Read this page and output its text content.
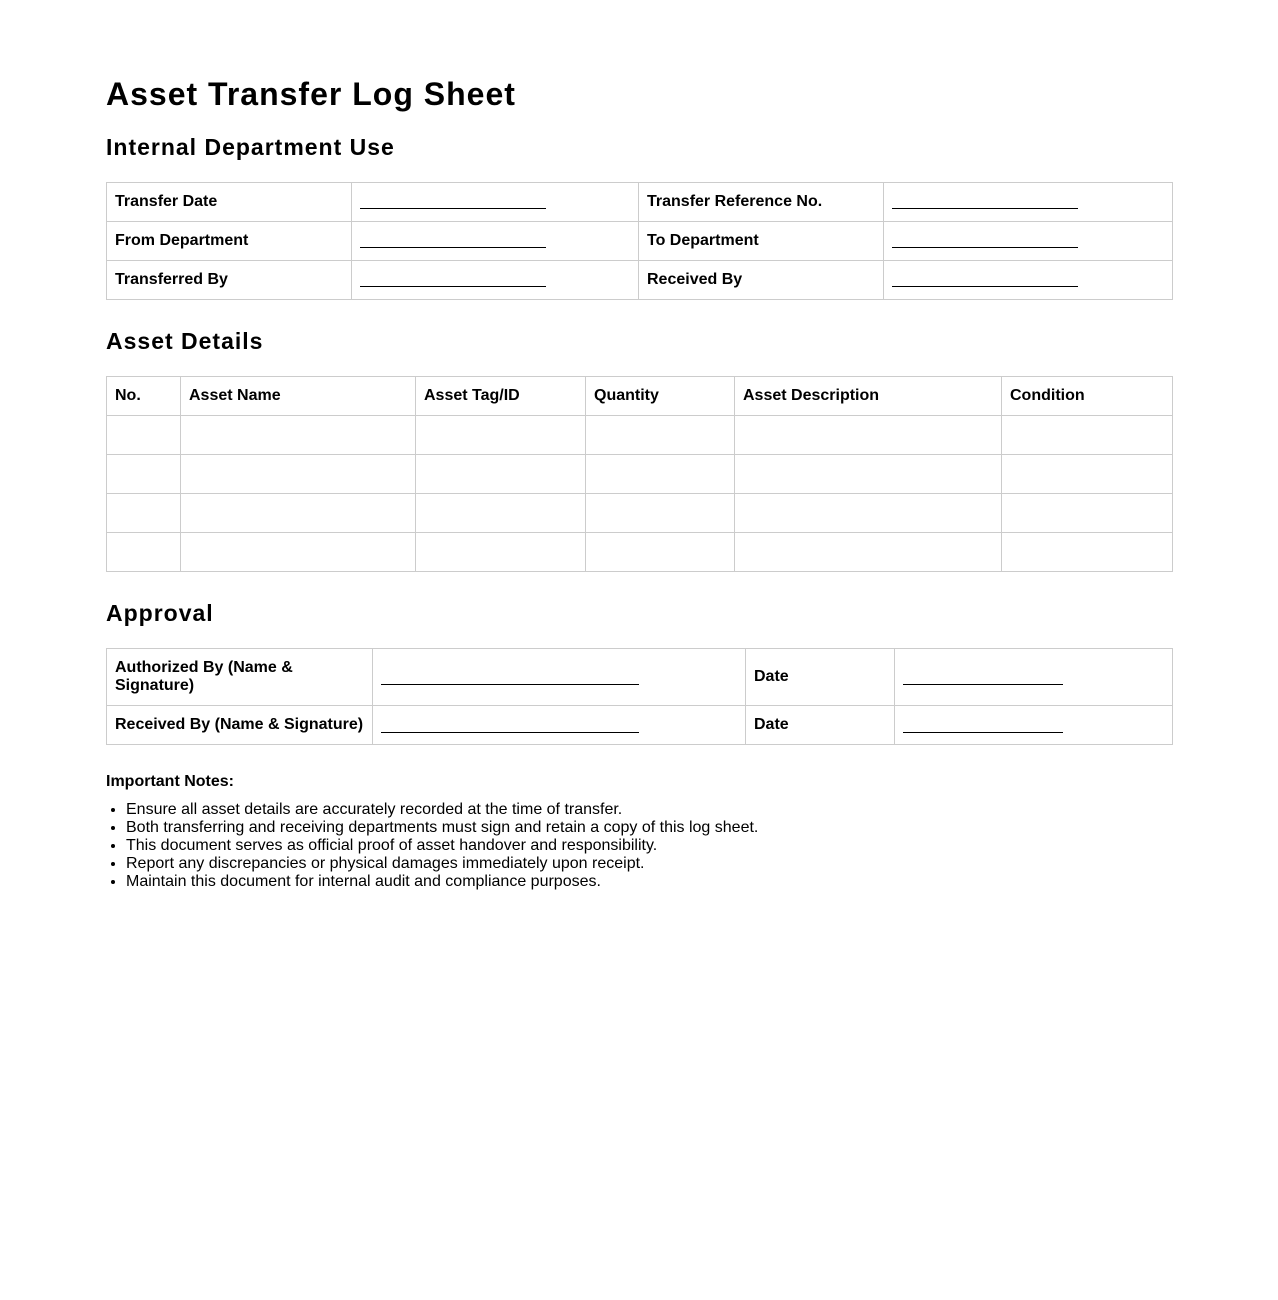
Asset Transfer Log Sheet
Internal Department Use
Transfer Date		Transfer Reference No.	

From Department		To Department	

Transferred By		Received By	
Asset Details
No.	Asset Name	Asset Tag/ID	Quantity	Asset Description	Condition

Approval
Authorized By (Name & Signature)		Date	

Received By (Name & Signature)		Date	
Important Notes:
• Ensure all asset details are accurately recorded at the time of transfer.
• Both transferring and receiving departments must sign and retain a copy of this log sheet.
• This document serves as official proof of asset handover and responsibility.
• Report any discrepancies or physical damages immediately upon receipt.
• Maintain this document for internal audit and compliance purposes.
